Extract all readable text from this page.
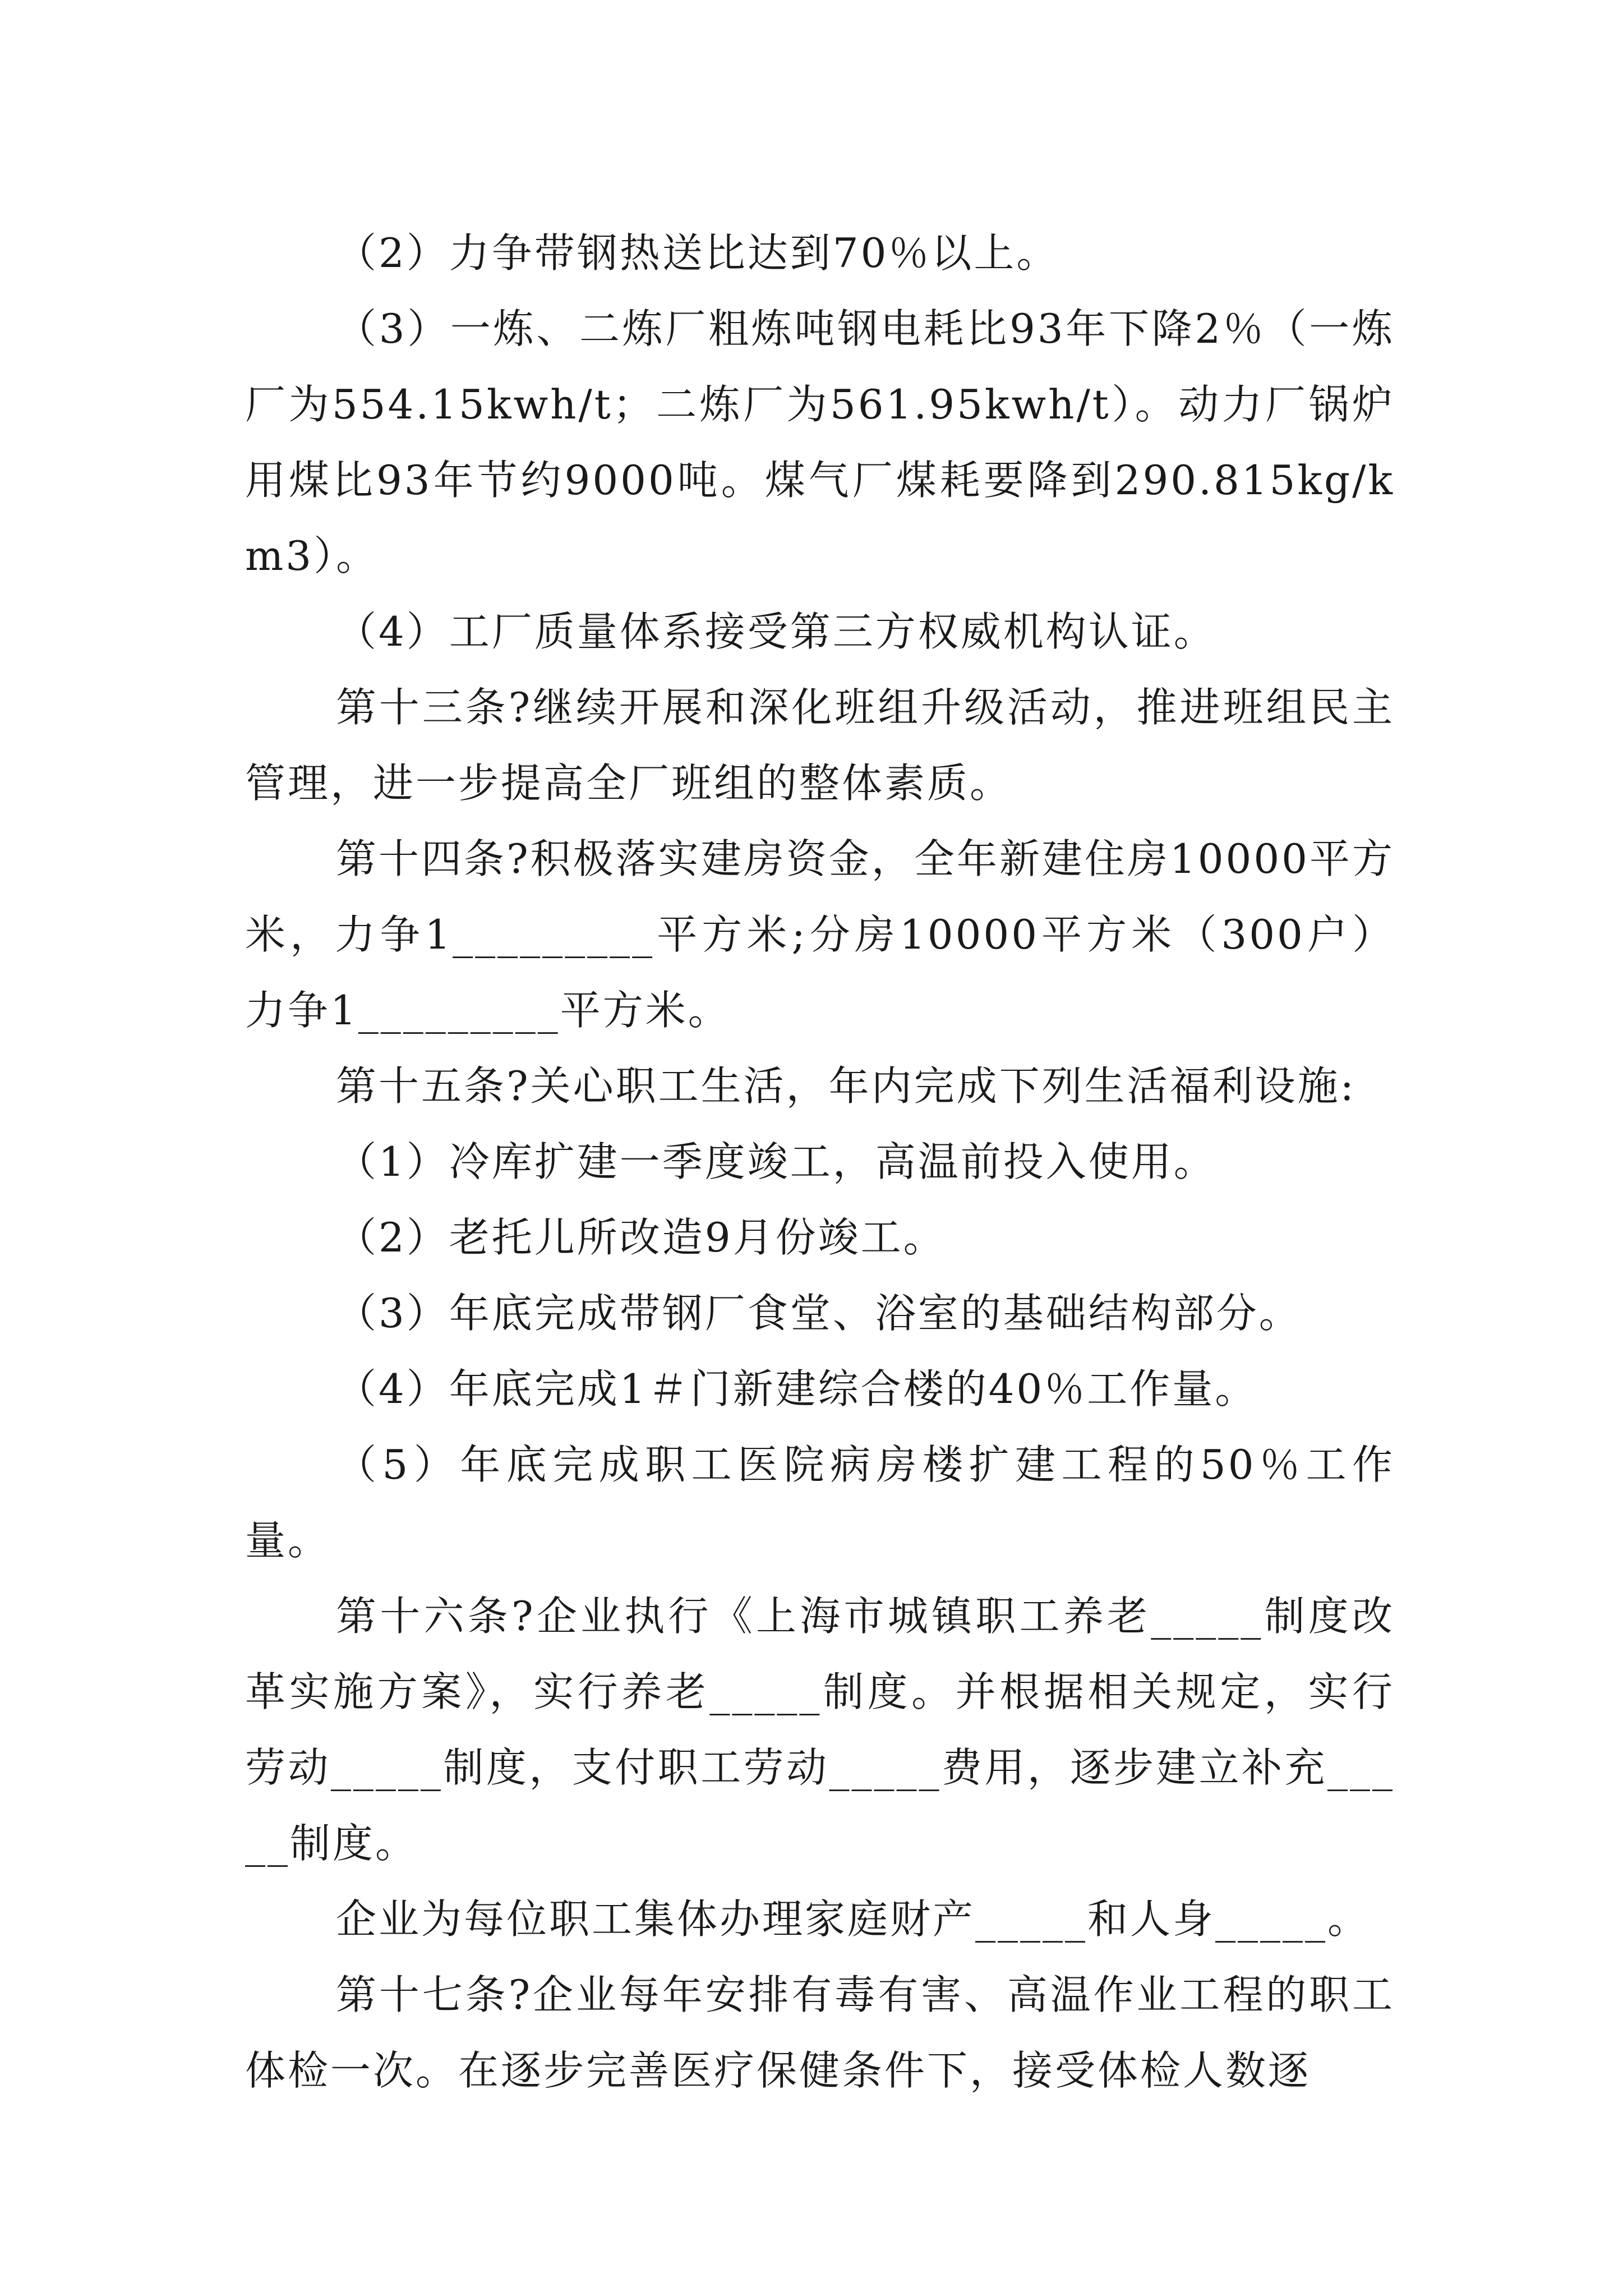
（2）力争带钢热送比达到70％以上。

（3）一炼、二炼厂粗炼吨钢电耗比93年下降2％（一炼厂为554.15kwh/t；二炼厂为561.95kwh/t）。动力厂锅炉用煤比93年节约9000吨。煤气厂煤耗要降到290.815kg/km3）。

（4）工厂质量体系接受第三方权威机构认证。

第十三条?继续开展和深化班组升级活动，推进班组民主管理，进一步提高全厂班组的整体素质。

第十四条?积极落实建房资金，全年新建住房10000平方米，力争1_________平方米;分房10000平方米（300户）力争1_________平方米。

第十五条?关心职工生活，年内完成下列生活福利设施:

（1）冷库扩建一季度竣工，高温前投入使用。

（2）老托儿所改造9月份竣工。

（3）年底完成带钢厂食堂、浴室的基础结构部分。

（4）年底完成1＃门新建综合楼的40％工作量。

（5）年底完成职工医院病房楼扩建工程的50％工作量。

第十六条?企业执行《上海市城镇职工养老_____制度改革实施方案》，实行养老_____制度。并根据相关规定，实行劳动_____制度，支付职工劳动_____费用，逐步建立补充_____制度。

企业为每位职工集体办理家庭财产_____和人身_____。

第十七条?企业每年安排有毒有害、高温作业工程的职工体检一次。在逐步完善医疗保健条件下，接受体检人数逐
